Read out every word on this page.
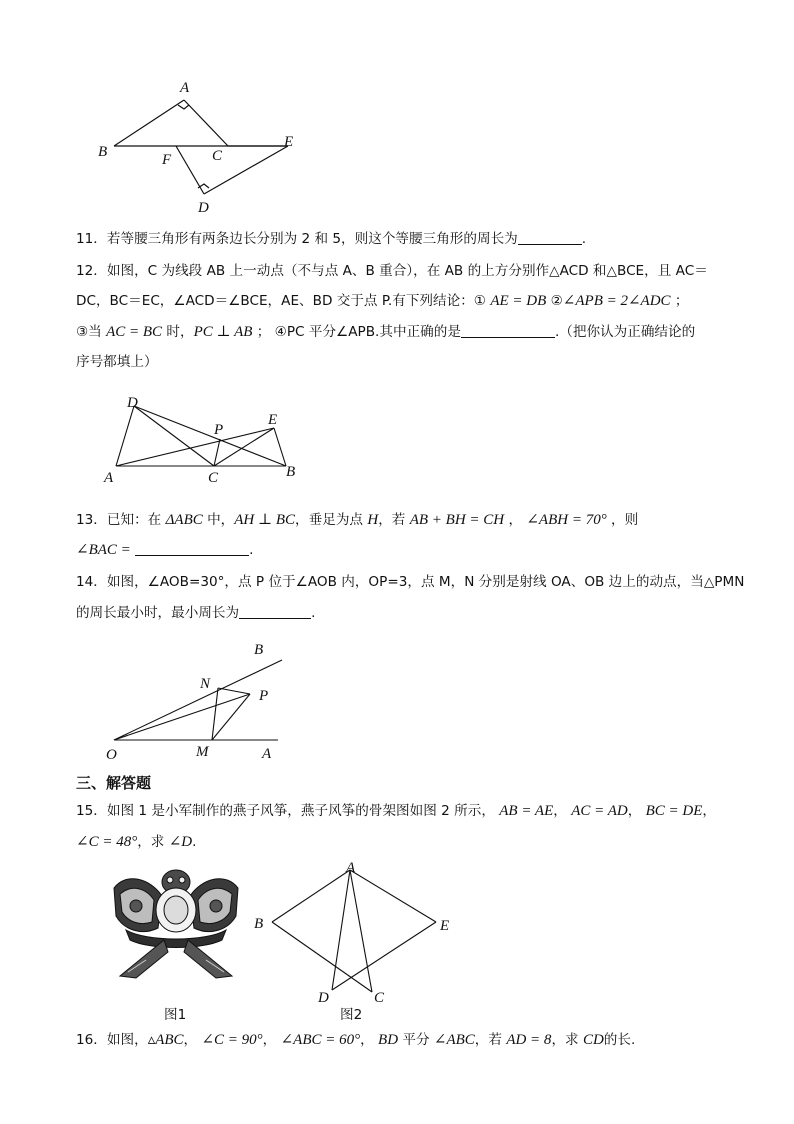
A
B	C
F
E
D
11．若等腰三角形有两条边长分别为 2 和 5，则这个等腰三角形的周长为	.
12．如图，C 为线段 AB 上一动点（不与点 A、B 重合），在 AB 的上方分别作△ACD 和△BCE，且 AC＝
DC，BC＝EC，∠ACD＝∠BCE，AE、BD 交于点 P.有下列结论：① AE = DB ②∠APB = 2∠ADC ；
③当 AC = BC 时，PC ⊥ AB ； ④PC 平分∠APB.其中正确的是	.（把你认为正确结论的
序号都填上）
D
E
P
A	C	B
13．已知：在 ΔABC 中，AH ⊥ BC，垂足为点 H，若 AB + BH = CH ， ∠ABH = 70° ，则
∠BAC =	.
14．如图，∠AOB=30°，点 P 位于∠AOB 内，OP=3，点 M，N 分别是射线 OA、OB 边上的动点，当△PMN
的周长最小时，最小周长为	.
B
N
P
O	M	A
三、解答题
15．如图 1 是小军制作的燕子风筝，燕子风筝的骨架图如图 2 所示， AB = AE， AC = AD， BC = DE，
∠C = 48°，求 ∠D.
图1
A
B	E
D	C
图2
16．如图，▵ABC， ∠C = 90°， ∠ABC = 60°， BD 平分 ∠ABC，若 AD = 8，求 CD的长.
